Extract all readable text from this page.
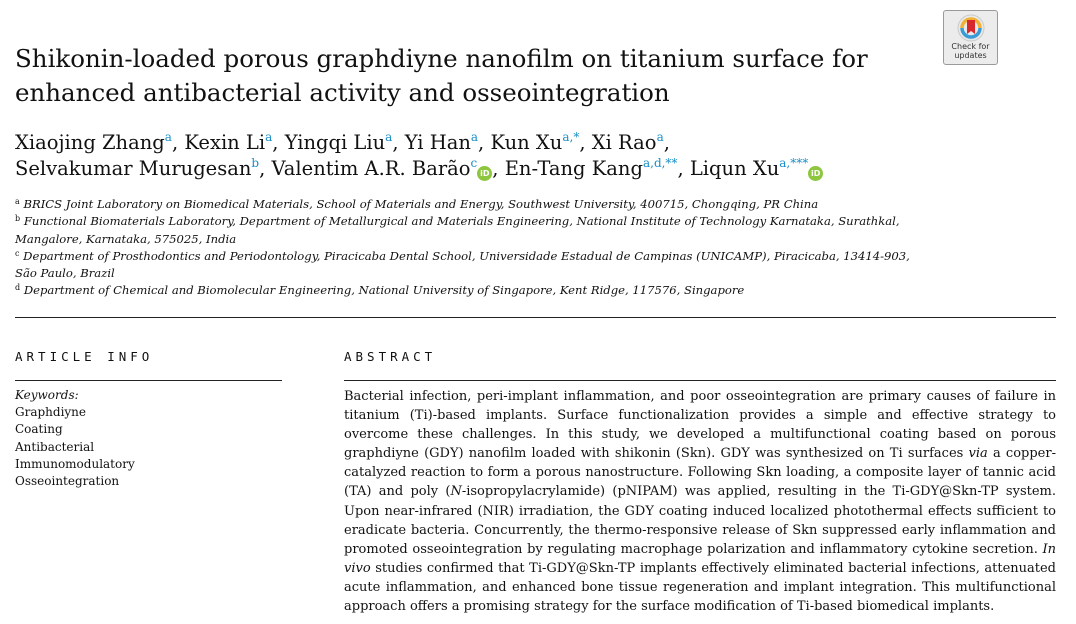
Shikonin-loaded porous graphdiyne nanofilm on titanium surface for
enhanced antibacterial activity and osseointegration
Check for
updates
Xiaojing Zhang$^a$, Kexin Li$^a$, Yingqi Liu$^a$, Yi Han$^a$, Kun $Xu^{a,*}$, Xi Rao$^a$,
Selvakumar Murugesan$^b$, Valentim A.R. Barão$^c$iD , En-Tang Kang$^{a,d,**}$, Liqun $Xu^{a,***}iD$
$^a$ BRICS Joint Laboratory on Biomedical Materials, School of Materials and Energy, Southwest University, 400715, Chongqing, PR China
$^b$ Functional Biomaterials Laboratory, Department of Metallurgical and Materials Engineering, National Institute of Technology Karnataka, Surathkal, Mangalore, Karnataka, 575025, India
$^c$ Department of Prosthodontics and Periodontology, Piracicaba Dental School, Universidade Estadual de Campinas (UNICAMP), Piracicaba, 13414-903, São Paulo, Brazil
$^d$ Department of Chemical and Biomolecular Engineering, National University of Singapore, Kent Ridge, 117576, Singapore
ARTICLE INFO	ABSTRACT
Keywords:
Graphdiyne
Coating
Antibacterial
Immunomodulatory
Osseointegration

Bacterial infection, peri-implant inflammation, and poor osseointegration are primary causes of failure in titanium (Ti)-based implants. Surface functionalization provides a simple and effective strategy to overcome these challenges. In this study, we developed a multifunctional coating based on porous graphdiyne (GDY) nanofilm loaded with shikonin (Skn). GDY was synthesized on Ti surfaces via a copper-catalyzed reaction to form a porous nanostructure. Following Skn loading, a composite layer of tannic acid (TA) and poly (N-isopropylacrylamide) (pNIPAM) was applied, resulting in the Ti-GDY@Skn-TP system. Upon near-infrared (NIR) irradiation, the GDY coating induced localized photothermal effects sufficient to eradicate bacteria. Concurrently, the thermo-responsive release of Skn suppressed early inflammation and promoted osseointegration by regulating macrophage polarization and inflammatory cytokine secretion. In vivo studies confirmed that Ti-GDY@Skn-TP implants effectively eliminated bacterial infections, attenuated acute inflammation, and enhanced bone tissue regeneration and implant integration. This multifunctional approach offers a promising strategy for the surface modification of Ti-based biomedical implants.
